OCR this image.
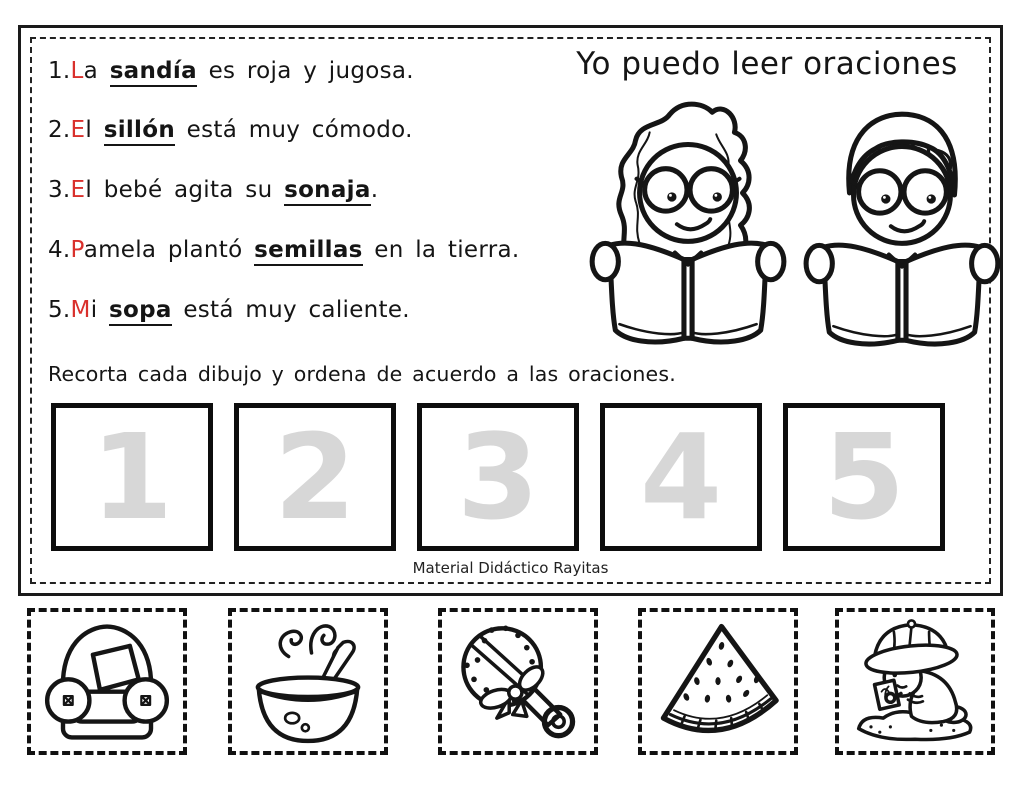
1.La sandía es roja y jugosa.
2.El sillón está muy cómodo.
3.El bebé agita su sonaja.
4.Pamela plantó semillas en la tierra.
5.Mi sopa está muy caliente.
Yo puedo leer oraciones
Recorta cada dibujo y ordena de acuerdo a las oraciones.
1 2 3 4 5
Material Didáctico Rayitas
